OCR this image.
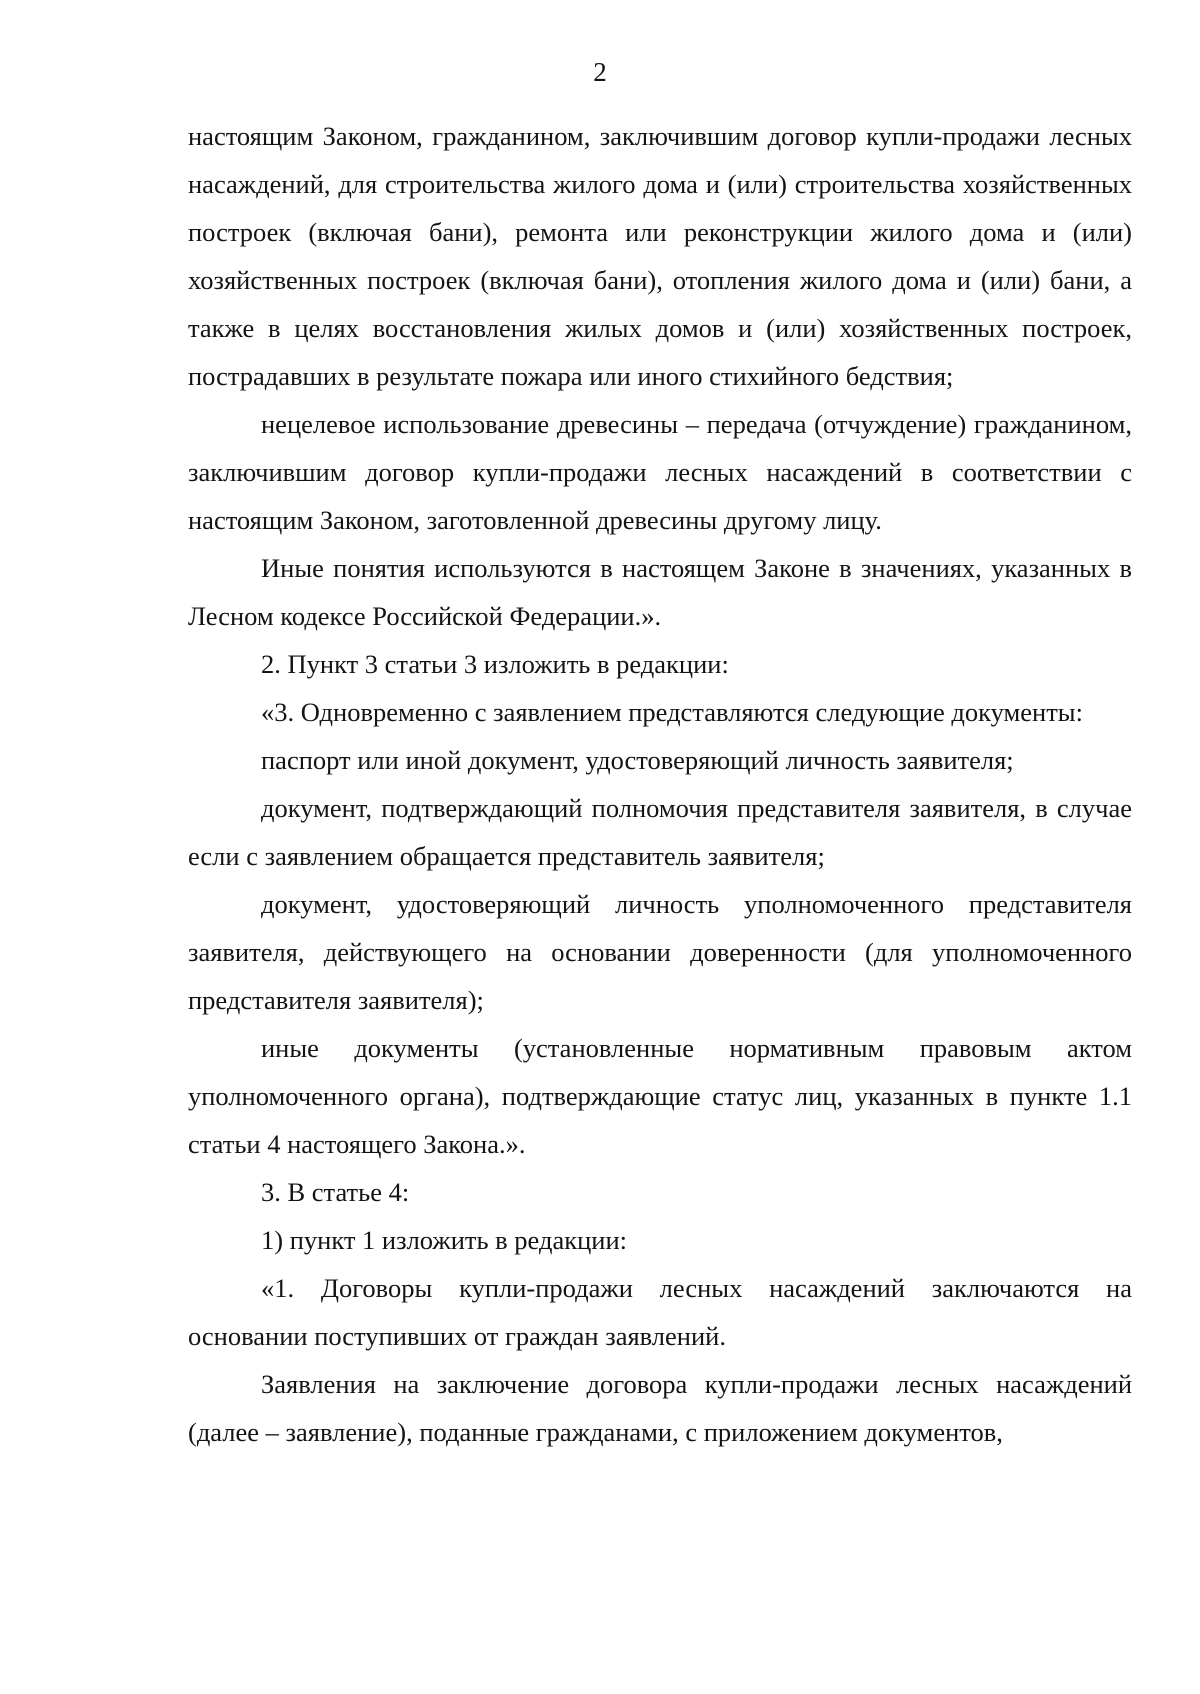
2

настоящим Законом, гражданином, заключившим договор купли-продажи лесных насаждений, для строительства жилого дома и (или) строительства хозяйственных построек (включая бани), ремонта или реконструкции жилого дома и (или) хозяйственных построек (включая бани), отопления жилого дома и (или) бани, а также в целях восстановления жилых домов и (или) хозяйственных построек, пострадавших в результате пожара или иного стихийного бедствия;

нецелевое использование древесины – передача (отчуждение) гражданином, заключившим договор купли-продажи лесных насаждений в соответствии с настоящим Законом, заготовленной древесины другому лицу.

Иные понятия используются в настоящем Законе в значениях, указанных в Лесном кодексе Российской Федерации.».

2. Пункт 3 статьи 3 изложить в редакции:

«3. Одновременно с заявлением представляются следующие документы:

паспорт или иной документ, удостоверяющий личность заявителя;

документ, подтверждающий полномочия представителя заявителя, в случае если с заявлением обращается представитель заявителя;

документ, удостоверяющий личность уполномоченного представителя заявителя, действующего на основании доверенности (для уполномоченного представителя заявителя);

иные документы (установленные нормативным правовым актом уполномоченного органа), подтверждающие статус лиц, указанных в пункте 1.1 статьи 4 настоящего Закона.».

3. В статье 4:

1) пункт 1 изложить в редакции:

«1. Договоры купли-продажи лесных насаждений заключаются на основании поступивших от граждан заявлений.

Заявления на заключение договора купли-продажи лесных насаждений (далее – заявление), поданные гражданами, с приложением документов,
